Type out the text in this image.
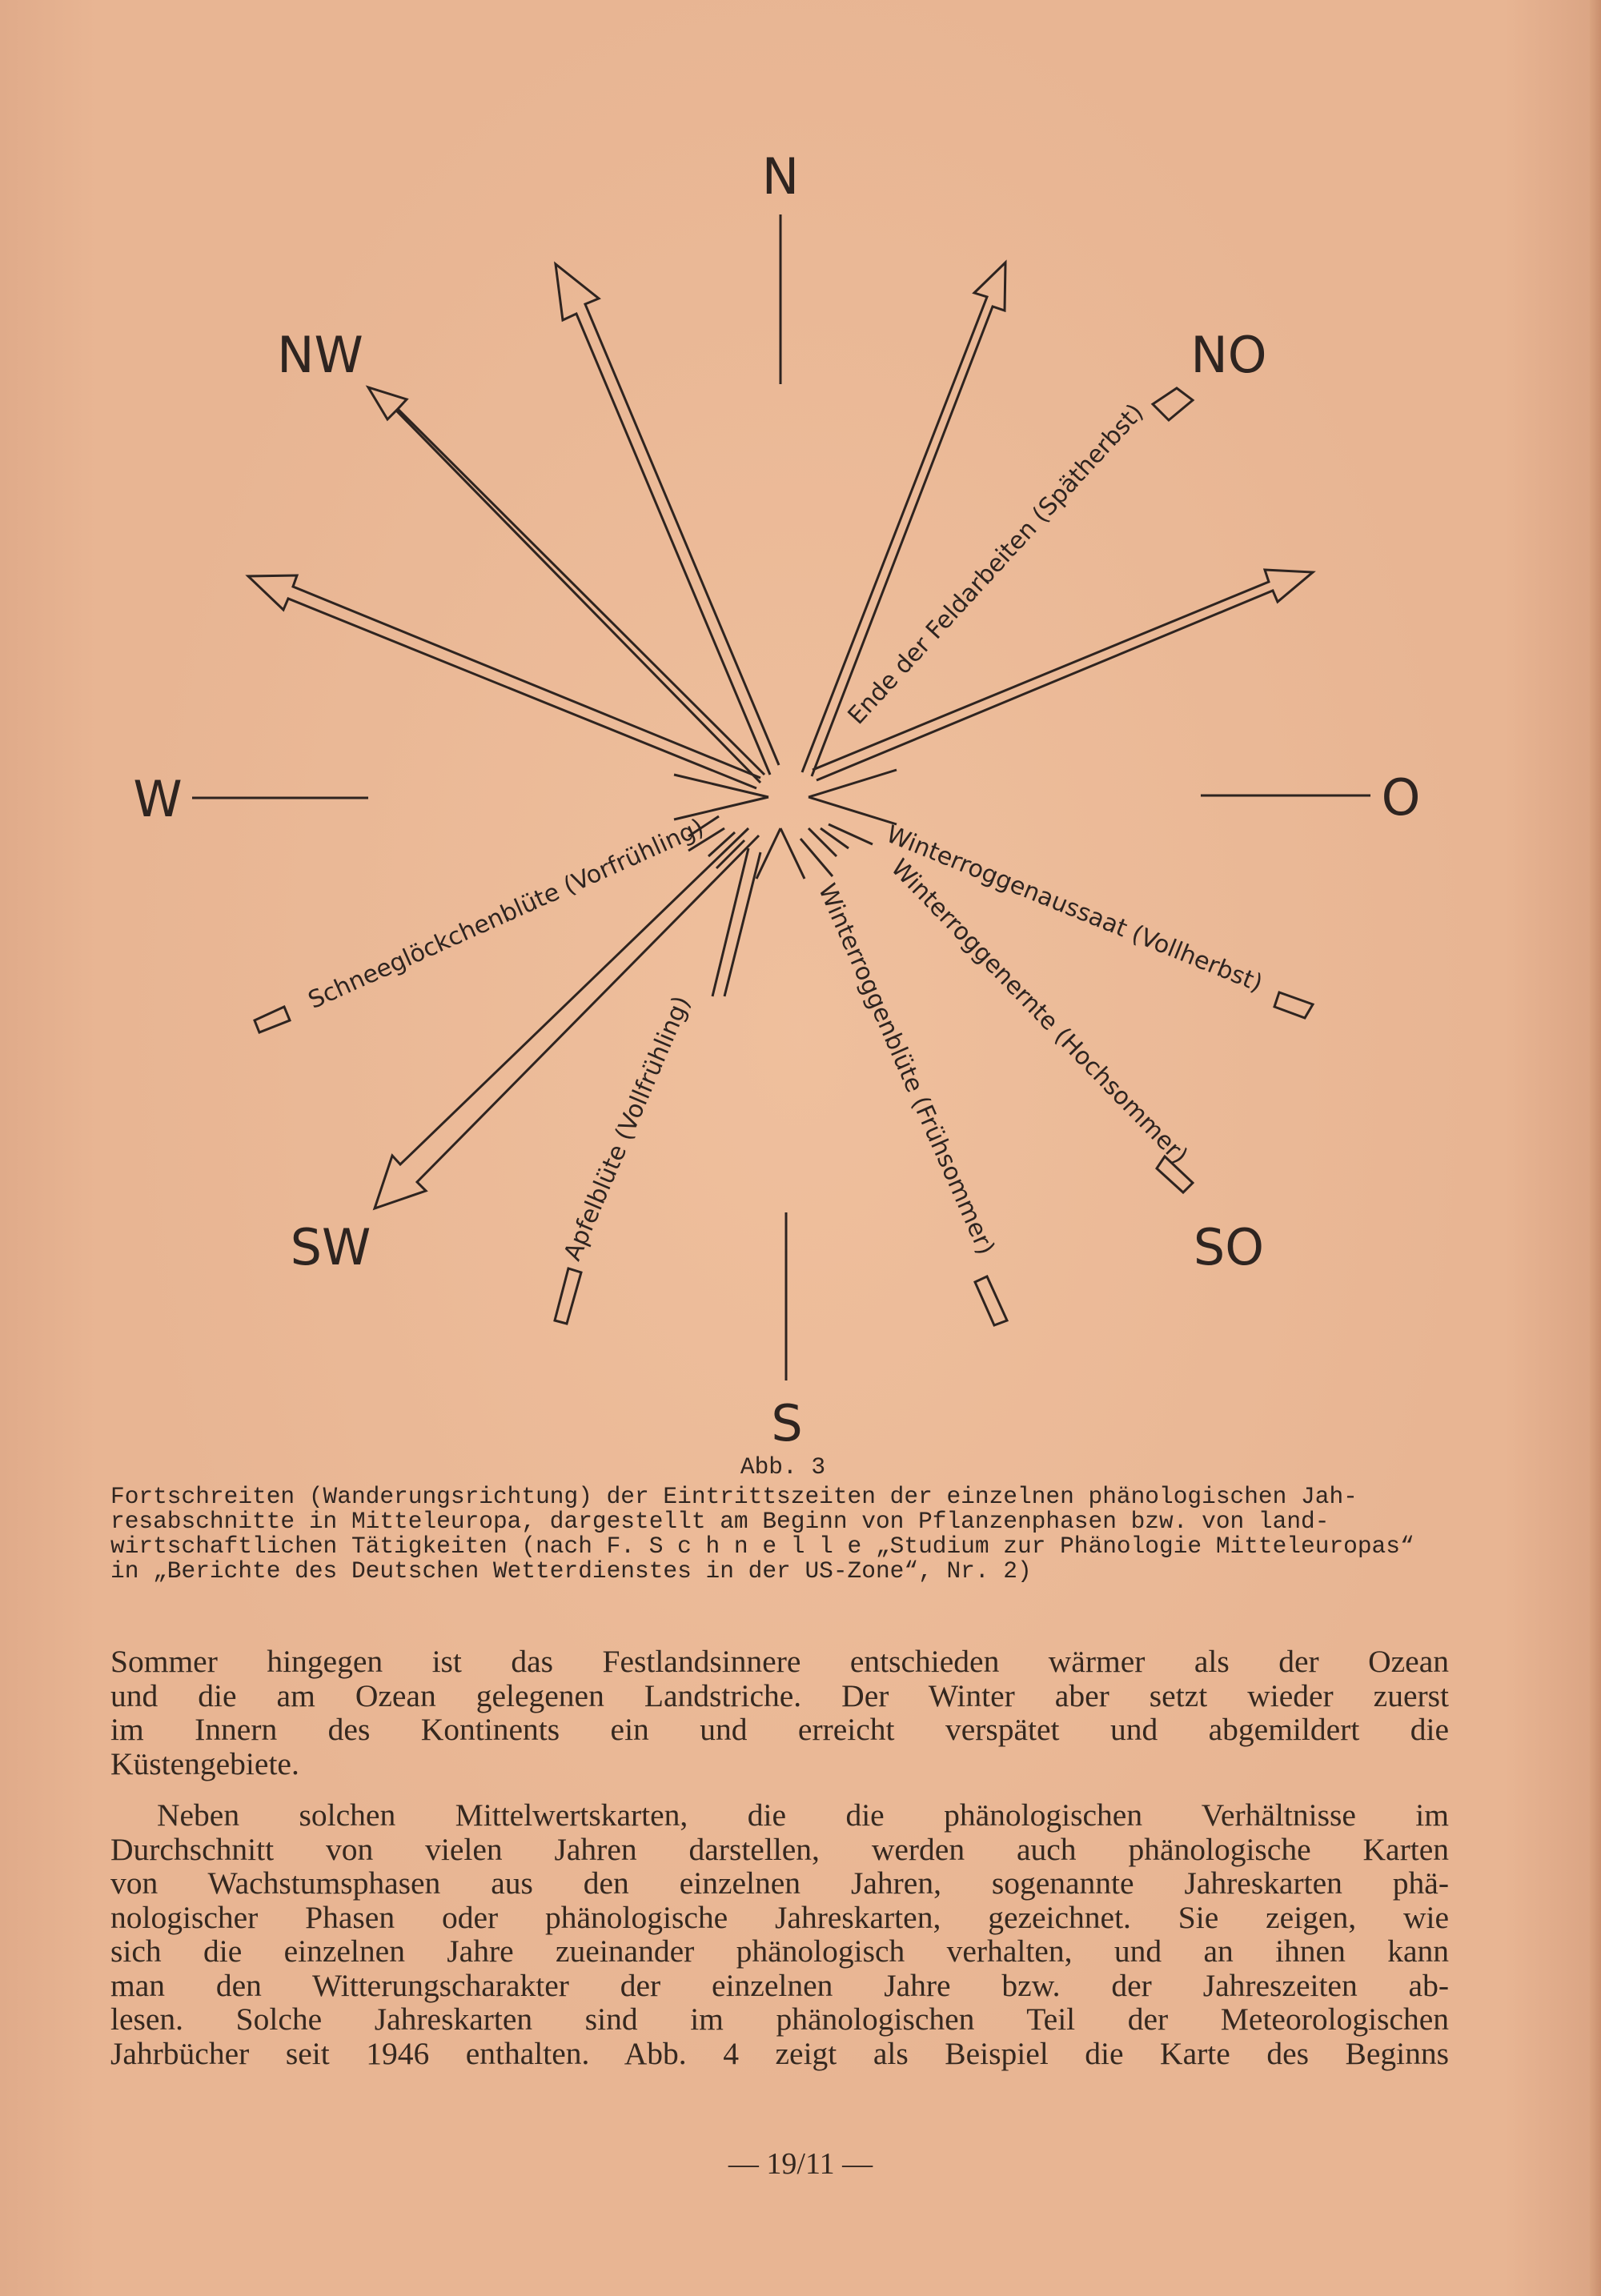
N
NO
O
SO
S
SW
W
NW
Ende der Feldarbeiten (Spätherbst)
Winterroggenaussaat (Vollherbst)
Winterroggenernte (Hochsommer)
Winterroggenblüte (Frühsommer)
Apfelblüte (Vollfrühling)
Schneeglöckchenblüte (Vorfrühling)
Abb. 3
Fortschreiten (Wanderungsrichtung) der Eintrittszeiten der einzelnen phänologischen Jah-
resabschnitte in Mitteleuropa, dargestellt am Beginn von Pflanzenphasen bzw. von land-
wirtschaftlichen Tätigkeiten (nach F. S c h n e l l e „Studium zur Phänologie Mitteleuropas“
in „Berichte des Deutschen Wetterdienstes in der US-Zone“, Nr. 2)

Sommer hingegen ist das Festlandsinnere entschieden wärmer als der Ozean
und die am Ozean gelegenen Landstriche. Der Winter aber setzt wieder zuerst
im Innern des Kontinents ein und erreicht verspätet und abgemildert die
Küstengebiete.

Neben solchen Mittelwertskarten, die die phänologischen Verhältnisse im
Durchschnitt von vielen Jahren darstellen, werden auch phänologische Karten
von Wachstumsphasen aus den einzelnen Jahren, sogenannte Jahreskarten phä-
nologischer Phasen oder phänologische Jahreskarten, gezeichnet. Sie zeigen, wie
sich die einzelnen Jahre zueinander phänologisch verhalten, und an ihnen kann
man den Witterungscharakter der einzelnen Jahre bzw. der Jahreszeiten ab-
lesen. Solche Jahreskarten sind im phänologischen Teil der Meteorologischen
Jahrbücher seit 1946 enthalten. Abb. 4 zeigt als Beispiel die Karte des Beginns

— 19/11 —
